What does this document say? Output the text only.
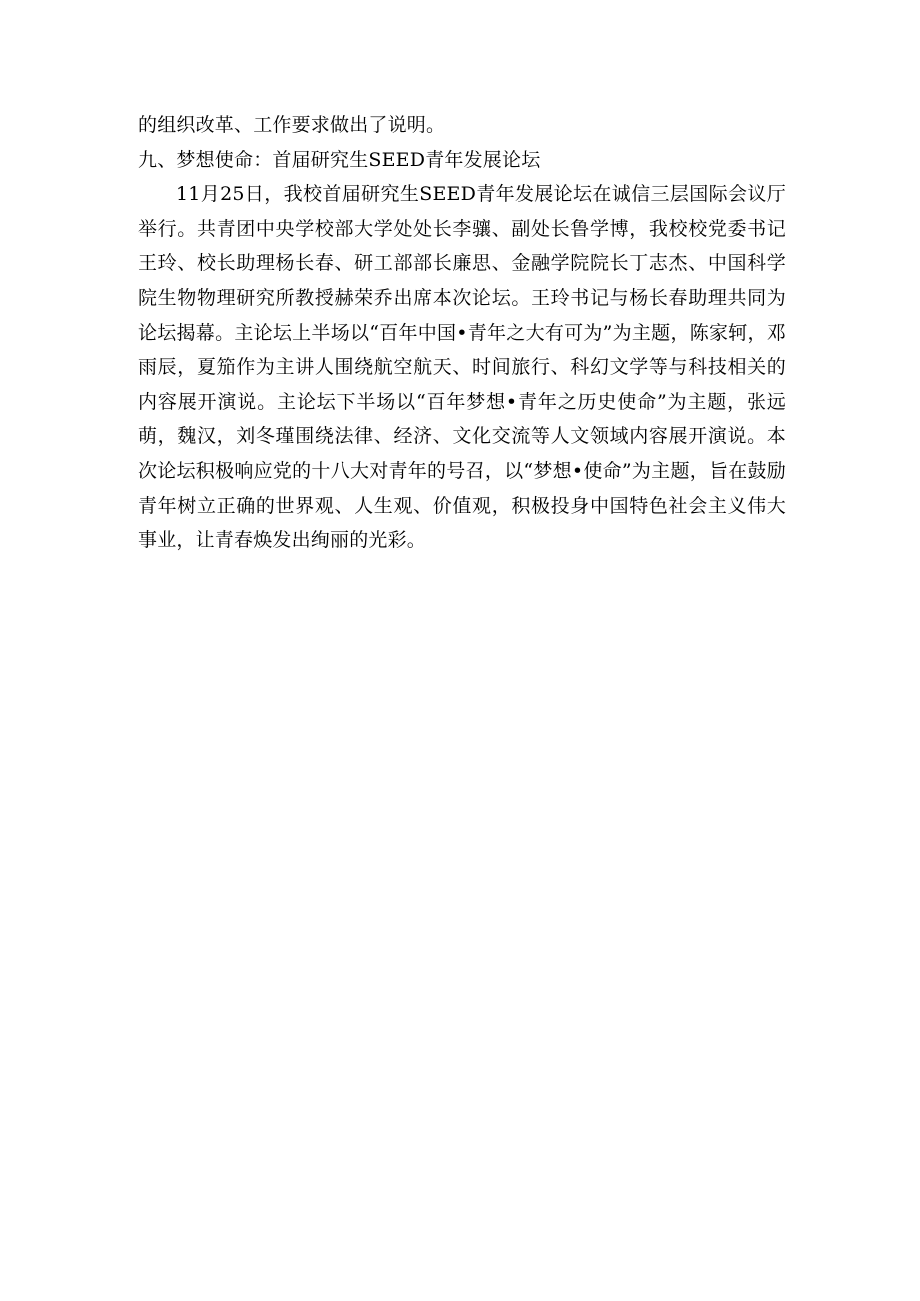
的组织改革、工作要求做出了说明。

九、梦想使命：首届研究生SEED青年发展论坛

11月25日，我校首届研究生SEED青年发展论坛在诚信三层国际会议厅举行。共青团中央学校部大学处处长李骧、副处长鲁学博，我校校党委书记王玲、校长助理杨长春、研工部部长廉思、金融学院院长丁志杰、中国科学院生物物理研究所教授赫荣乔出席本次论坛。王玲书记与杨长春助理共同为论坛揭幕。主论坛上半场以“百年中国•青年之大有可为”为主题，陈家轲，邓雨辰，夏笳作为主讲人围绕航空航天、时间旅行、科幻文学等与科技相关的内容展开演说。主论坛下半场以“百年梦想•青年之历史使命”为主题，张远萌，魏汉，刘冬瑾围绕法律、经济、文化交流等人文领域内容展开演说。本次论坛积极响应党的十八大对青年的号召，以“梦想•使命”为主题，旨在鼓励青年树立正确的世界观、人生观、价值观，积极投身中国特色社会主义伟大事业，让青春焕发出绚丽的光彩。
